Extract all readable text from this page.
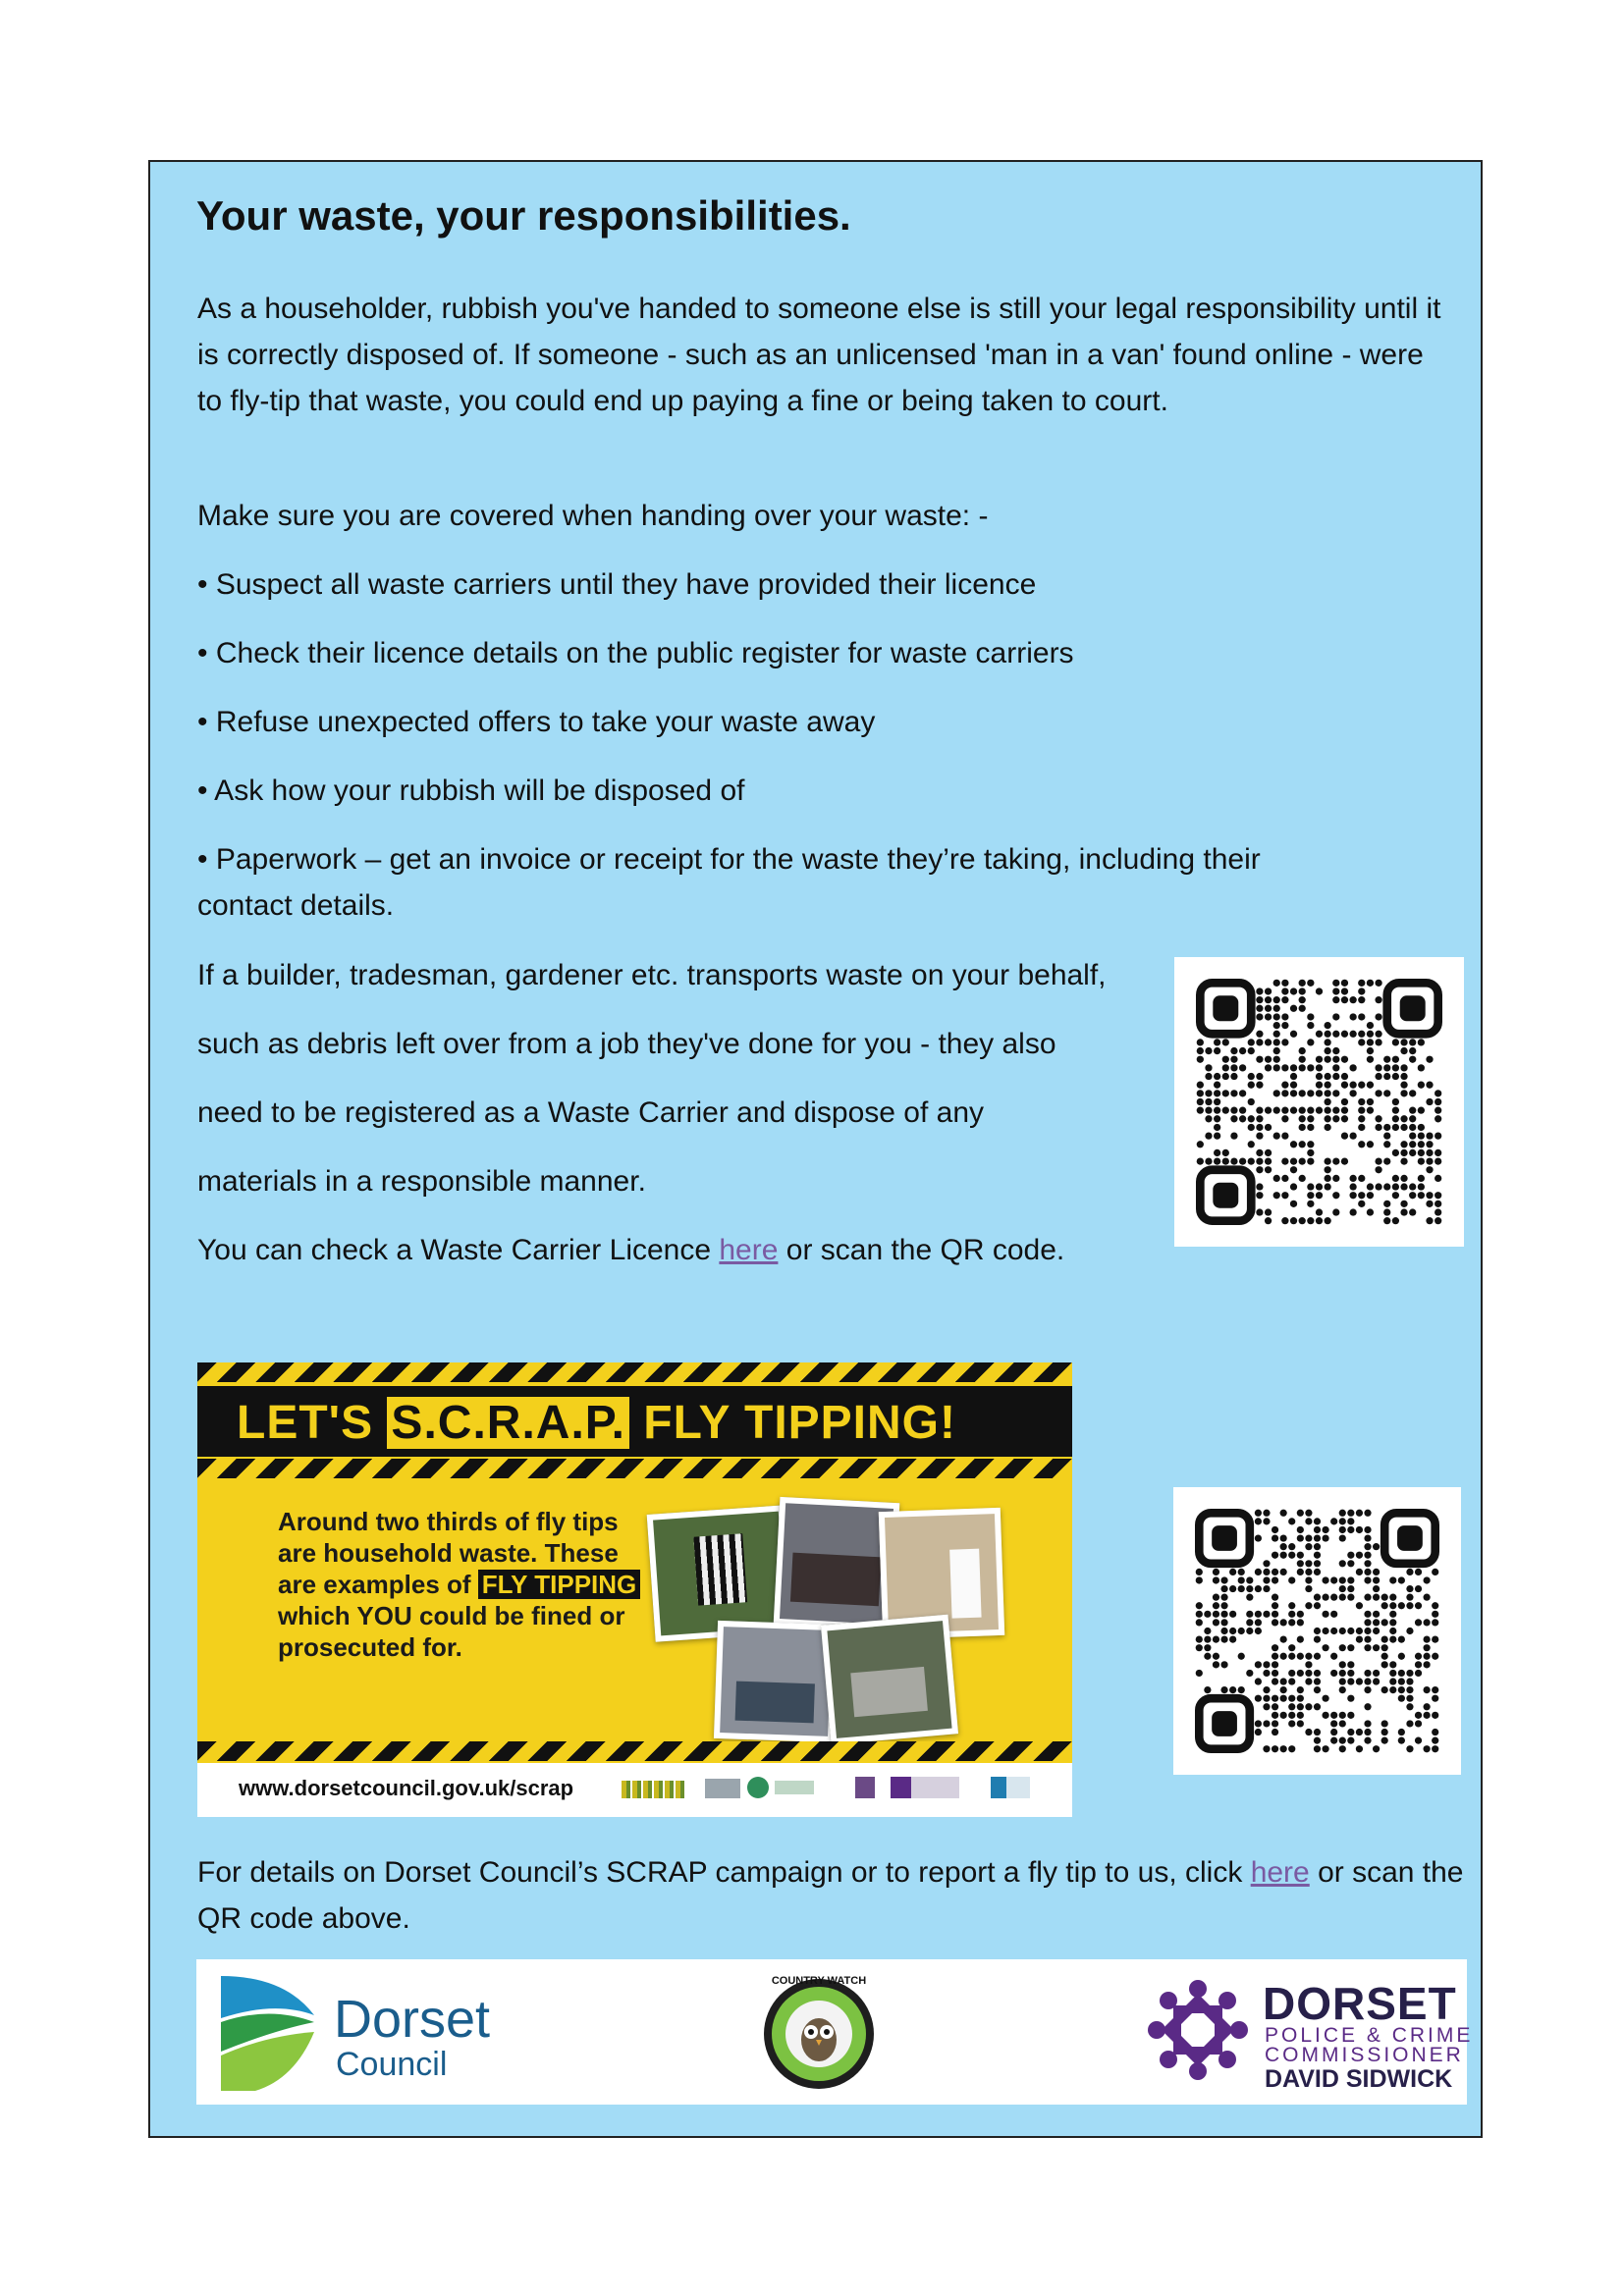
Your waste, your responsibilities.

As a householder, rubbish you've handed to someone else is still your legal responsibility until it is correctly disposed of. If someone - such as an unlicensed 'man in a van' found online - were to fly-tip that waste, you could end up paying a fine or being taken to court.

Make sure you are covered when handing over your waste: -

• Suspect all waste carriers until they have provided their licence

• Check their licence details on the public register for waste carriers

• Refuse unexpected offers to take your waste away

• Ask how your rubbish will be disposed of

• Paperwork – get an invoice or receipt for the waste they’re taking, including their contact details.

If a builder, tradesman, gardener etc. transports waste on your behalf,

such as debris left over from a job they've done for you - they also

need to be registered as a Waste Carrier and dispose of any

materials in a responsible manner.

You can check a Waste Carrier Licence here or scan the QR code.

LET'S S.C.R.A.P. FLY TIPPING!
Around two thirds of fly tips are household waste. These are examples of FLY TIPPING which YOU could be fined or prosecuted for.
www.dorsetcouncil.gov.uk/scrap

For details on Dorset Council’s SCRAP campaign or to report a fly tip to us, click here or scan the QR code above.

Dorset
Council
COUNTRY WATCH	DORSET
POLICE & CRIME
COMMISSIONER
DAVID SIDWICK
